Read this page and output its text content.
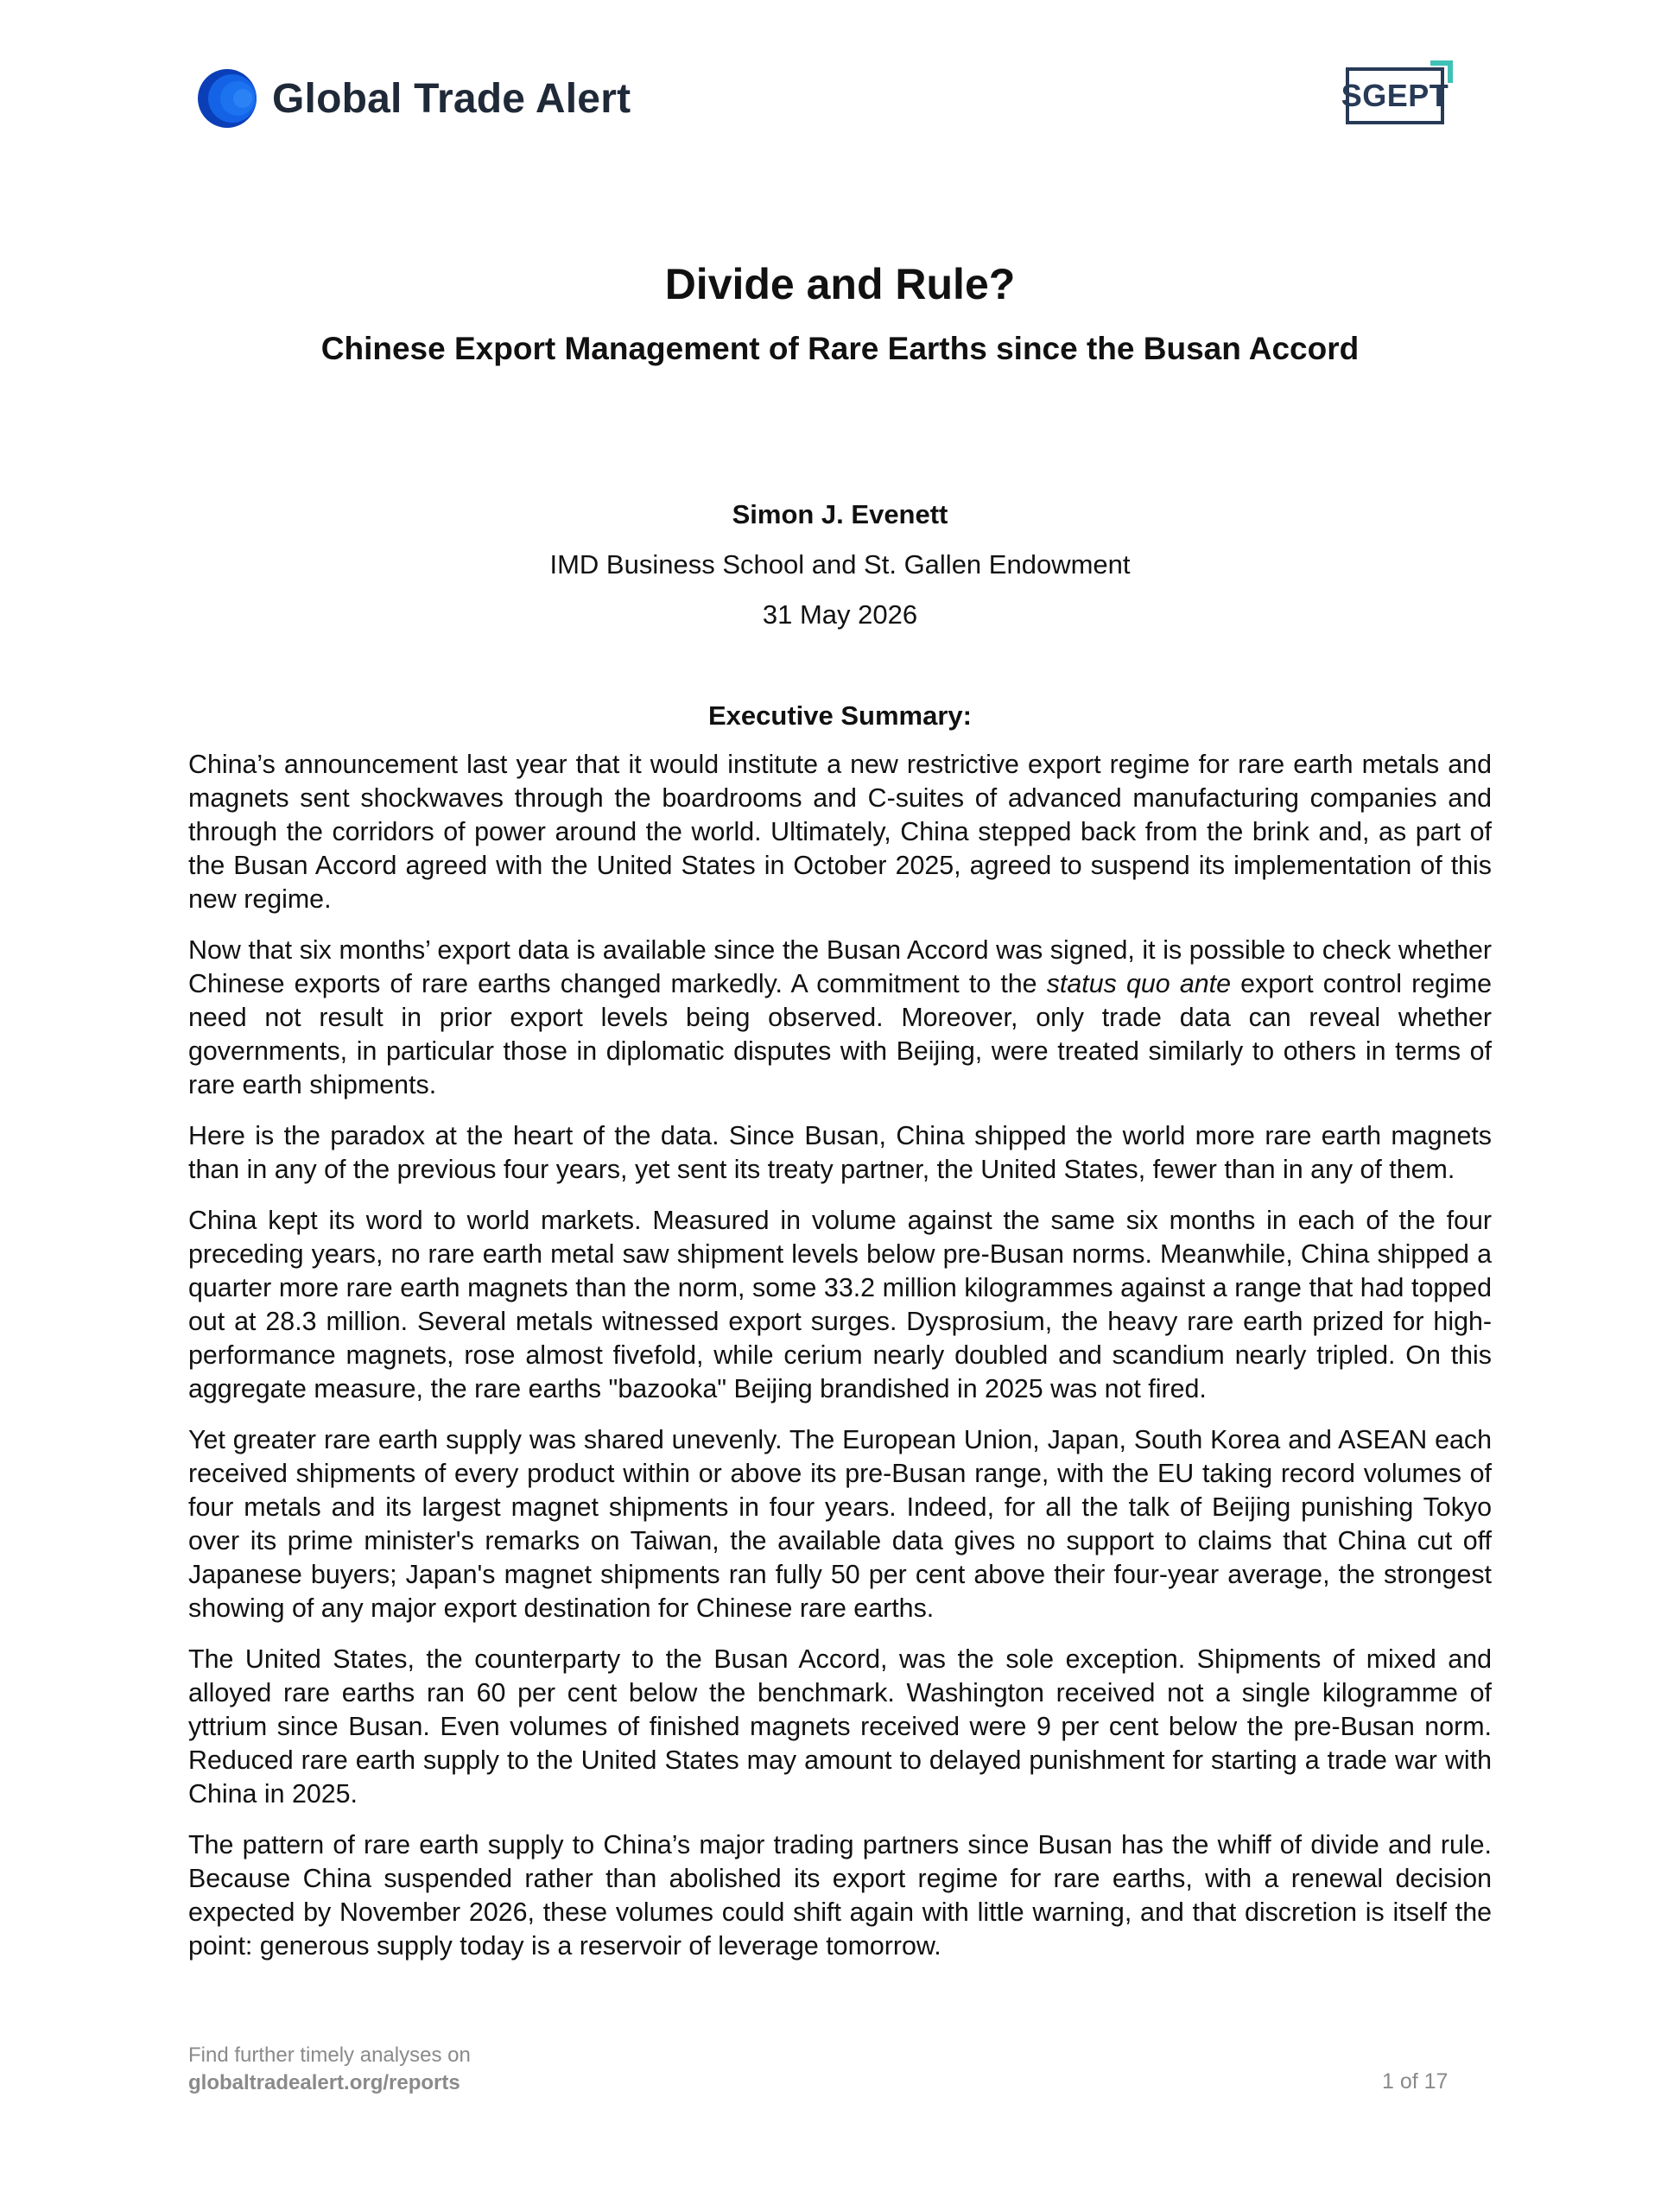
Global Trade Alert	SGEPT
Divide and Rule?
Chinese Export Management of Rare Earths since the Busan Accord
Simon J. Evenett
IMD Business School and St. Gallen Endowment
31 May 2026
Executive Summary:

China’s announcement last year that it would institute a new restrictive export regime for rare earth metals and magnets sent shockwaves through the boardrooms and C-suites of advanced manufacturing companies and through the corridors of power around the world. Ultimately, China stepped back from the brink and, as part of the Busan Accord agreed with the United States in October 2025, agreed to suspend its implementation of this new regime.

Now that six months’ export data is available since the Busan Accord was signed, it is possible to check whether Chinese exports of rare earths changed markedly. A commitment to the status quo ante export control regime need not result in prior export levels being observed. Moreover, only trade data can reveal whether governments, in particular those in diplomatic disputes with Beijing, were treated similarly to others in terms of rare earth shipments.

Here is the paradox at the heart of the data. Since Busan, China shipped the world more rare earth magnets than in any of the previous four years, yet sent its treaty partner, the United States, fewer than in any of them.

China kept its word to world markets. Measured in volume against the same six months in each of the four preceding years, no rare earth metal saw shipment levels below pre-Busan norms. Meanwhile, China shipped a quarter more rare earth magnets than the norm, some 33.2 million kilogrammes against a range that had topped out at 28.3 million. Several metals witnessed export surges. Dysprosium, the heavy rare earth prized for high-performance magnets, rose almost fivefold, while cerium nearly doubled and scandium nearly tripled. On this aggregate measure, the rare earths "bazooka" Beijing brandished in 2025 was not fired.

Yet greater rare earth supply was shared unevenly. The European Union, Japan, South Korea and ASEAN each received shipments of every product within or above its pre-Busan range, with the EU taking record volumes of four metals and its largest magnet shipments in four years. Indeed, for all the talk of Beijing punishing Tokyo over its prime minister's remarks on Taiwan, the available data gives no support to claims that China cut off Japanese buyers; Japan's magnet shipments ran fully 50 per cent above their four-year average, the strongest showing of any major export destination for Chinese rare earths.

The United States, the counterparty to the Busan Accord, was the sole exception. Shipments of mixed and alloyed rare earths ran 60 per cent below the benchmark. Washington received not a single kilogramme of yttrium since Busan. Even volumes of finished magnets received were 9 per cent below the pre-Busan norm. Reduced rare earth supply to the United States may amount to delayed punishment for starting a trade war with China in 2025.

The pattern of rare earth supply to China’s major trading partners since Busan has the whiff of divide and rule. Because China suspended rather than abolished its export regime for rare earths, with a renewal decision expected by November 2026, these volumes could shift again with little warning, and that discretion is itself the point: generous supply today is a reservoir of leverage tomorrow.

Find further timely analyses on
globaltradealert.org/reports	1 of 17
